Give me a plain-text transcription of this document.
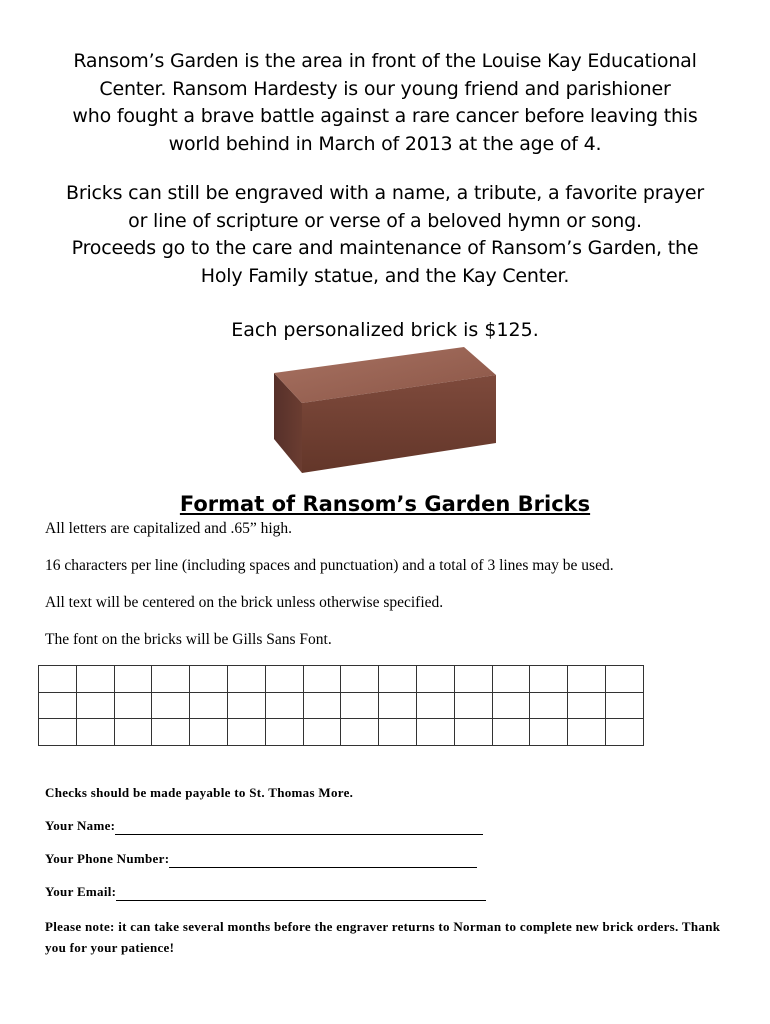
Ransom’s Garden is the area in front of the Louise Kay Educational

Center. Ransom Hardesty is our young friend and parishioner

who fought a brave battle against a rare cancer before leaving this

world behind in March of 2013 at the age of 4.

Bricks can still be engraved with a name, a tribute, a favorite prayer

or line of scripture or verse of a beloved hymn or song.

Proceeds go to the care and maintenance of Ransom’s Garden, the

Holy Family statue, and the Kay Center.

Each personalized brick is $125.
Format of Ransom’s Garden Bricks

All letters are capitalized and .65” high.

16 characters per line (including spaces and punctuation) and a total of 3 lines may be used.

All text will be centered on the brick unless otherwise specified.

The font on the bricks will be Gills Sans Font.

Checks should be made payable to St. Thomas More.
Your Name:
Your Phone Number:
Your Email:
Please note: it can take several months before the engraver returns to Norman to complete new brick orders. Thank you for your patience!
